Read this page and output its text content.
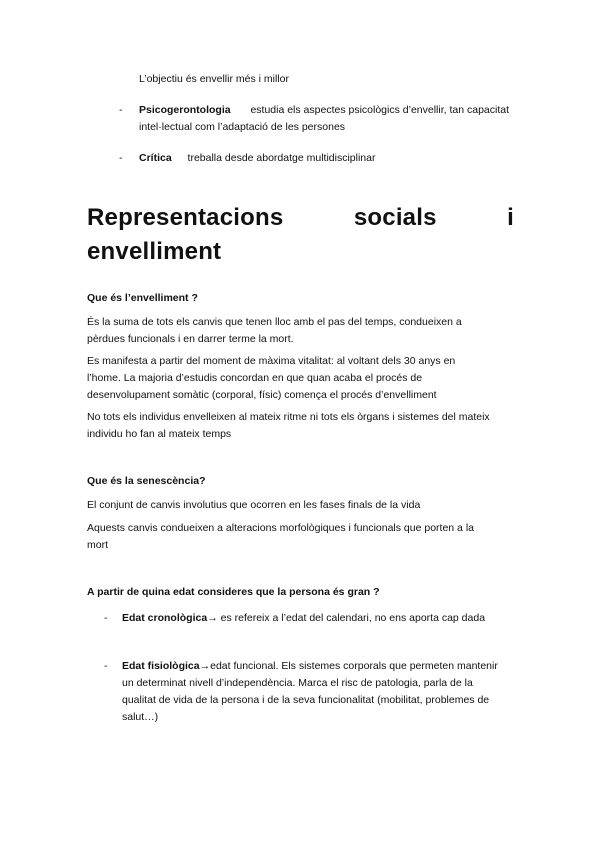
L’objectiu és envellir més i millor
- Psicogerontologia estudia els aspectes psicològics d’envellir, tan capacitat
intel·lectual com l’adaptació de les persones
- Crítica treballa desde abordatge multidisciplinar
Representacions	socials	i
envelliment
Que és l’envelliment ?
És la suma de tots els canvis que tenen lloc amb el pas del temps, condueixen a
pèrdues funcionals i en darrer terme la mort.
Es manifesta a partir del moment de màxima vitalitat: al voltant dels 30 anys en
l’home. La majoria d’estudis concordan en que quan acaba el procés de
desenvolupament somàtic (corporal, físic) comença el procés d’envelliment
No tots els individus envelleixen al mateix ritme ni tots els òrgans i sistemes del mateix
individu ho fan al mateix temps
Que és la senescència?
El conjunt de canvis involutius que ocorren en les fases finals de la vida
Aquests canvis condueixen a alteracions morfològiques i funcionals que porten a la
mort
A partir de quina edat consideres que la persona és gran ?
- Edat cronològica→ es refereix a l’edat del calendari, no ens aporta cap dada
- Edat fisiològica→edat funcional. Els sistemes corporals que permeten mantenir
un determinat nivell d’independència. Marca el risc de patologia, parla de la
qualitat de vida de la persona i de la seva funcionalitat (mobilitat, problemes de
salut…)
